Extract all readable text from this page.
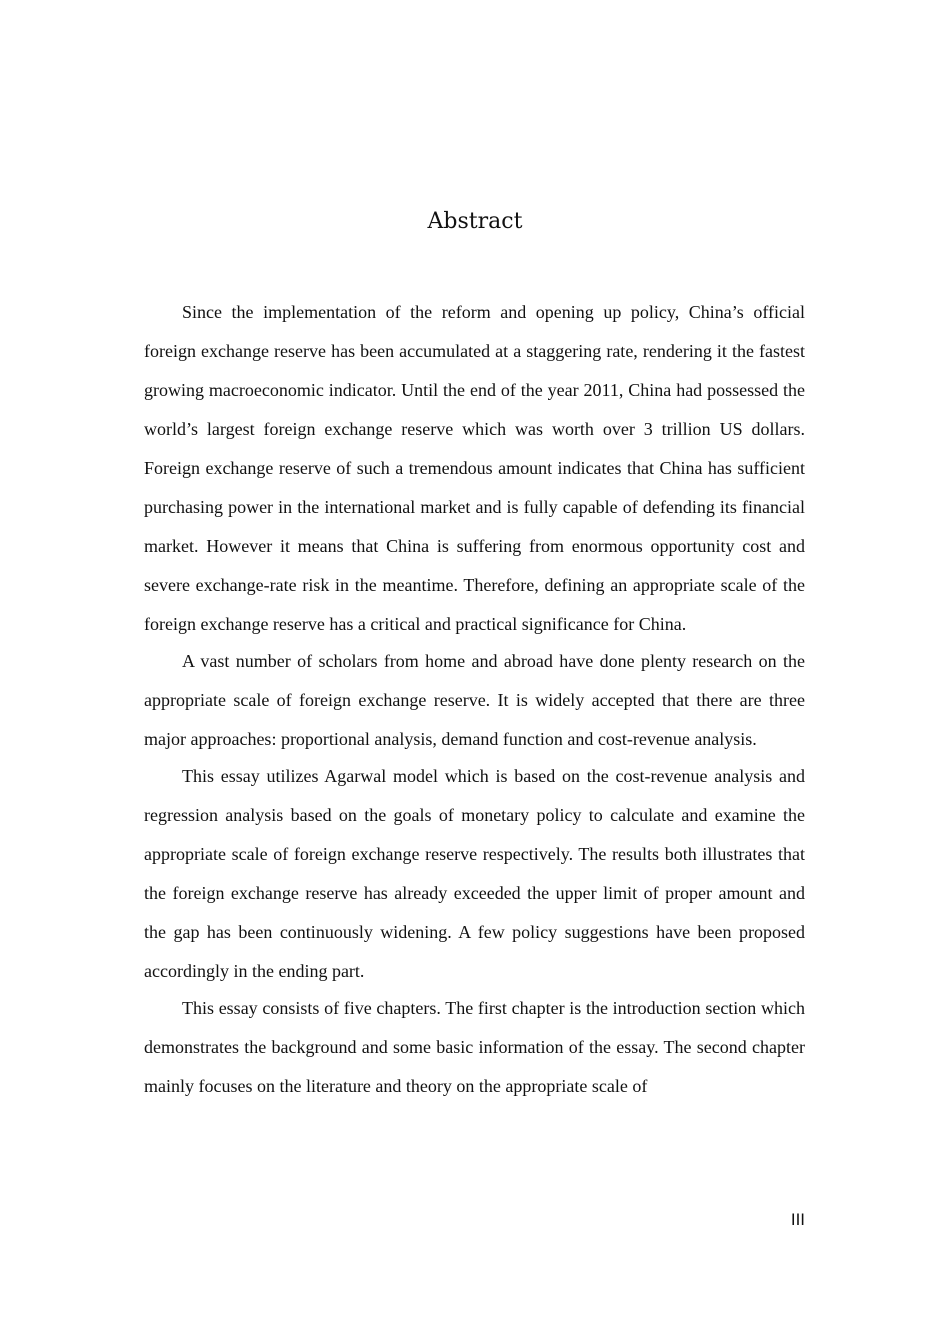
Abstract

Since the implementation of the reform and opening up policy, China’s official foreign exchange reserve has been accumulated at a staggering rate, rendering it the fastest growing macroeconomic indicator. Until the end of the year 2011, China had possessed the world’s largest foreign exchange reserve which was worth over 3 trillion US dollars. Foreign exchange reserve of such a tremendous amount indicates that China has sufficient purchasing power in the international market and is fully capable of defending its financial market. However it means that China is suffering from enormous opportunity cost and severe exchange-rate risk in the meantime. Therefore, defining an appropriate scale of the foreign exchange reserve has a critical and practical significance for China.

A vast number of scholars from home and abroad have done plenty research on the appropriate scale of foreign exchange reserve. It is widely accepted that there are three major approaches: proportional analysis, demand function and cost-revenue analysis.

This essay utilizes Agarwal model which is based on the cost-revenue analysis and regression analysis based on the goals of monetary policy to calculate and examine the appropriate scale of foreign exchange reserve respectively. The results both illustrates that the foreign exchange reserve has already exceeded the upper limit of proper amount and the gap has been continuously widening. A few policy suggestions have been proposed accordingly in the ending part.

This essay consists of five chapters. The first chapter is the introduction section which demonstrates the background and some basic information of the essay. The second chapter mainly focuses on the literature and theory on the appropriate scale of

III
